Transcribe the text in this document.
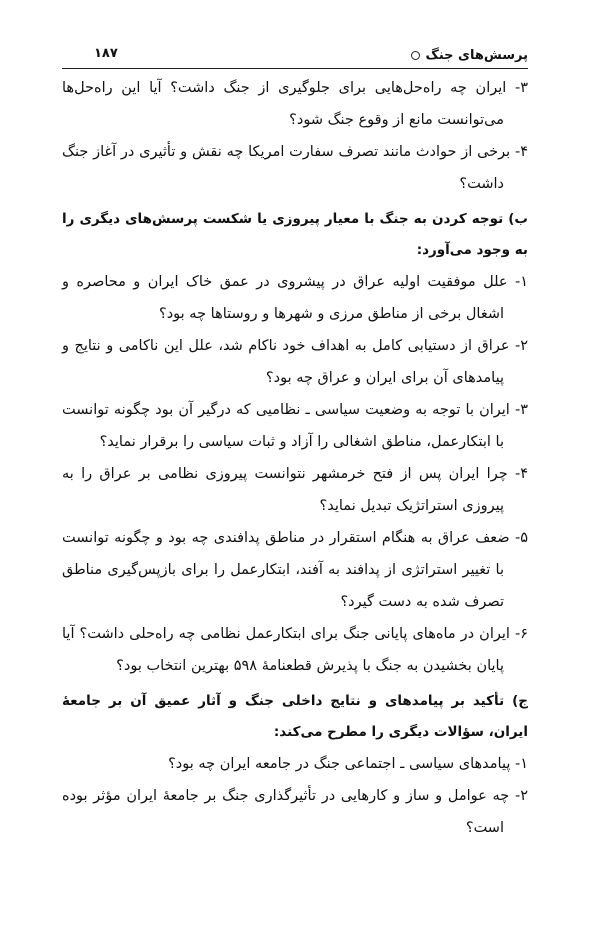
پرسش‌های جنگ
۱۸۷

۳- ایران چه راه‌حل‌هایی برای جلوگیری از جنگ داشت؟ آیا این راه‌حل‌ها می‌توانست مانع از وقوع جنگ شود؟

۴- برخی از حوادث مانند تصرف سفارت امریکا چه نقش و تأثیری در آغاز جنگ داشت؟

ب) توجه کردن به جنگ با معیار پیروزی یا شکست پرسش‌های دیگری را به وجود می‌آورد:

۱- علل موفقیت اولیه عراق در پیشروی در عمق خاک ایران و محاصره و اشغال برخی از مناطق مرزی و شهرها و روستاها چه بود؟

۲- عراق از دستیابی کامل به اهداف خود ناکام شد، علل این ناکامی و نتایج و پیامدهای آن برای ایران و عراق چه بود؟

۳- ایران با توجه به وضعیت سیاسی ـ نظامیی که درگیر آن بود چگونه توانست با ابتکارعمل، مناطق اشغالی را آزاد و ثبات سیاسی را برقرار نماید؟

۴- چرا ایران پس از فتح خرمشهر نتوانست پیروزی نظامی بر عراق را به پیروزی استراتژیک تبدیل نماید؟

۵- ضعف عراق به هنگام استقرار در مناطق پدافندی چه بود و چگونه توانست با تغییر استراتژی از پدافند به آفند، ابتکارعمل را برای بازپس‌گیری مناطق تصرف شده به دست گیرد؟

۶- ایران در ماه‌های پایانی جنگ برای ابتکارعمل نظامی چه راه‌حلی داشت؟ آیا پایان بخشیدن به جنگ با پذیرش قطعنامهٔ ۵۹۸ بهترین انتخاب بود؟

ج) تأکید بر پیامدهای و نتایج داخلی جنگ و آثار عمیق آن بر جامعهٔ ایران، سؤالات دیگری را مطرح می‌کند:

۱- پیامدهای سیاسی ـ اجتماعی جنگ در جامعه ایران چه بود؟

۲- چه عوامل و ساز و کارهایی در تأثیرگذاری جنگ بر جامعهٔ ایران مؤثر بوده است؟
